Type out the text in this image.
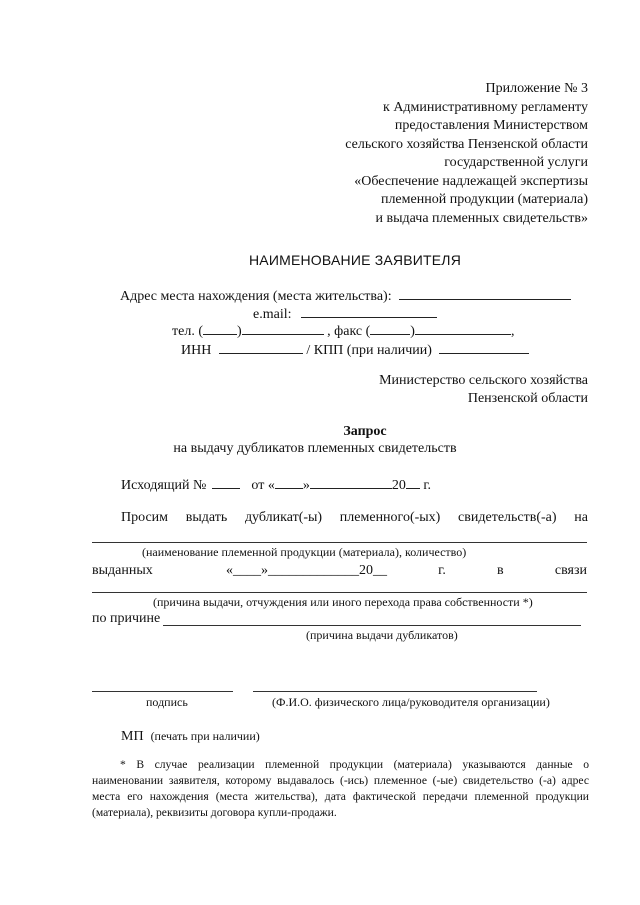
Приложение № 3
к Административному регламенту
предоставления Министерством
сельского хозяйства Пензенской области
государственной услуги
«Обеспечение надлежащей экспертизы
племенной продукции (материала)
и выдача племенных свидетельств»
НАИМЕНОВАНИЕ ЗАЯВИТЕЛЯ
Адрес места нахождения (места жительства):
e.mail:
тел. ( )	, факс (	)	,
ИНН	/ КПП (при наличии)
Министерство сельского хозяйства
Пензенской области
Запрос
на выдачу дубликатов племенных свидетельств
Исходящий №	от « »	20 г.
Просим выдать дубликат(-ы) племенного(-ых) свидетельств(-а) на
(наименование племенной продукции (материала), количество)
выданных	«____»_____________20__	г.	в	связи
(причина выдачи, отчуждения или иного перехода права собственности *)
по причине
(причина выдачи дубликатов)
подпись	(Ф.И.О. физического лица/руководителя организации)
МП (печать при наличии)
* В случае реализации племенной продукции (материала) указываются данные о наименовании заявителя, которому выдавалось (-ись) племенное (-ые) свидетельство (-а) адрес места его нахождения (места жительства), дата фактической передачи племенной продукции (материала), реквизиты договора купли-продажи.
